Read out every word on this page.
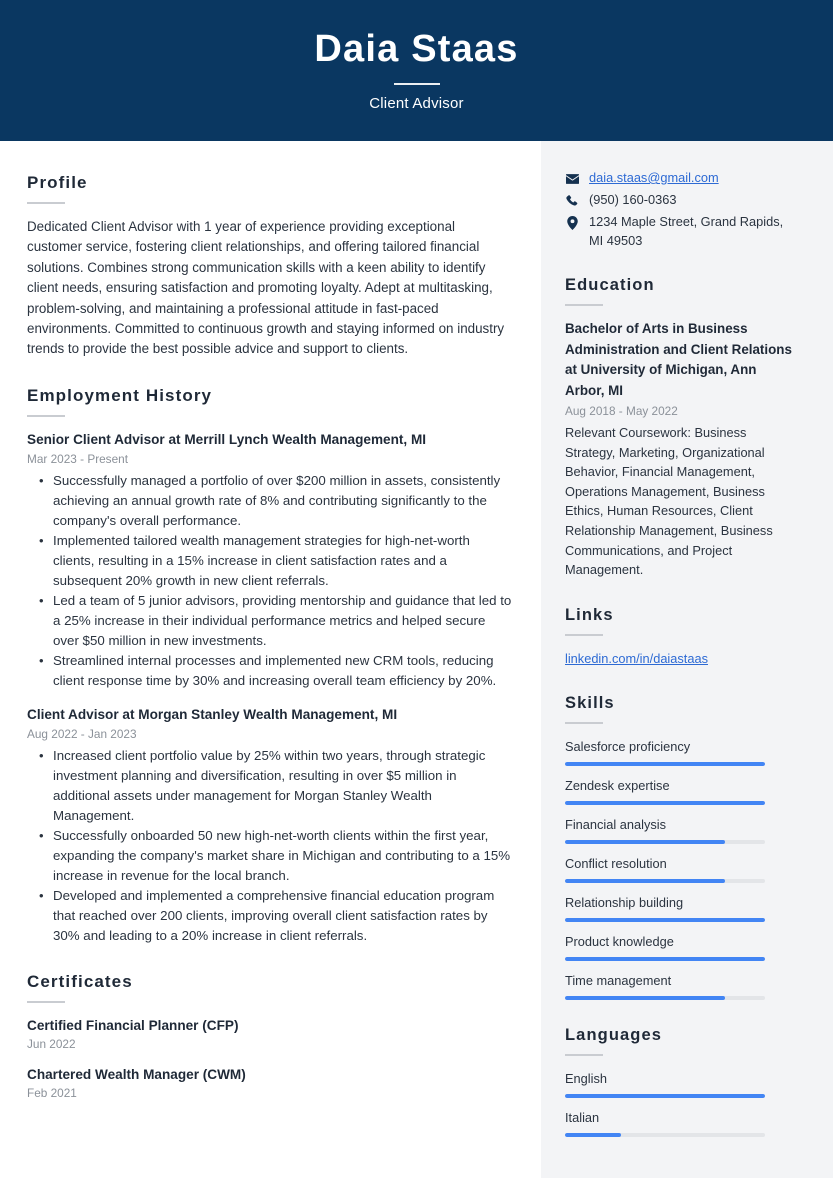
Daia Staas
Client Advisor
Profile
Dedicated Client Advisor with 1 year of experience providing exceptional customer service, fostering client relationships, and offering tailored financial solutions. Combines strong communication skills with a keen ability to identify client needs, ensuring satisfaction and promoting loyalty. Adept at multitasking, problem-solving, and maintaining a professional attitude in fast-paced environments. Committed to continuous growth and staying informed on industry trends to provide the best possible advice and support to clients.
Employment History
Senior Client Advisor at Merrill Lynch Wealth Management, MI
Mar 2023 - Present
• Successfully managed a portfolio of over $200 million in assets, consistently achieving an annual growth rate of 8% and contributing significantly to the company's overall performance.
• Implemented tailored wealth management strategies for high-net-worth clients, resulting in a 15% increase in client satisfaction rates and a subsequent 20% growth in new client referrals.
• Led a team of 5 junior advisors, providing mentorship and guidance that led to a 25% increase in their individual performance metrics and helped secure over $50 million in new investments.
• Streamlined internal processes and implemented new CRM tools, reducing client response time by 30% and increasing overall team efficiency by 20%.
Client Advisor at Morgan Stanley Wealth Management, MI
Aug 2022 - Jan 2023
• Increased client portfolio value by 25% within two years, through strategic investment planning and diversification, resulting in over $5 million in additional assets under management for Morgan Stanley Wealth Management.
• Successfully onboarded 50 new high-net-worth clients within the first year, expanding the company's market share in Michigan and contributing to a 15% increase in revenue for the local branch.
• Developed and implemented a comprehensive financial education program that reached over 200 clients, improving overall client satisfaction rates by 30% and leading to a 20% increase in client referrals.
Certificates
Certified Financial Planner (CFP)
Jun 2022
Chartered Wealth Manager (CWM)
Feb 2021
daia.staas@gmail.com
(950) 160-0363
1234 Maple Street, Grand Rapids, MI 49503
Education
Bachelor of Arts in Business Administration and Client Relations at University of Michigan, Ann Arbor, MI
Aug 2018 - May 2022
Relevant Coursework: Business Strategy, Marketing, Organizational Behavior, Financial Management, Operations Management, Business Ethics, Human Resources, Client Relationship Management, Business Communications, and Project Management.
Links
linkedin.com/in/daiastaas
Skills
Salesforce proficiency
Zendesk expertise
Financial analysis
Conflict resolution
Relationship building
Product knowledge
Time management
Languages
English
Italian
